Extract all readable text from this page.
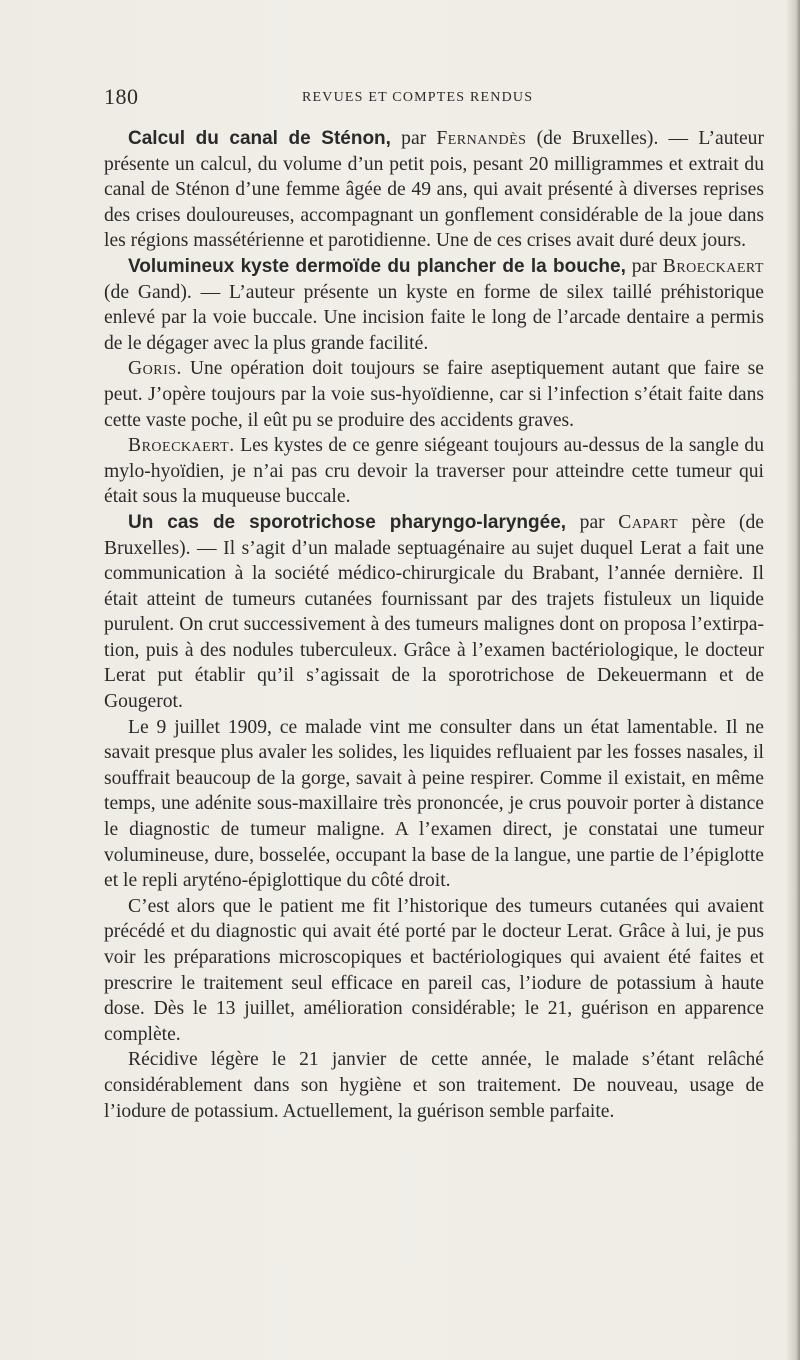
180	REVUES ET COMPTES RENDUS

Calcul du canal de Sténon, par Fernandès (de Bruxelles). — L’auteur présente un calcul, du volume d’un petit pois, pesant 20 milligrammes et extrait du canal de Sténon d’une femme âgée de 49 ans, qui avait présenté à diverses reprises des crises douloureuses, accompagnant un gonflement considérable de la joue dans les régions massétérienne et parotidienne. Une de ces crises avait duré deux jours.

Volumineux kyste dermoïde du plancher de la bouche, par Broeckaert (de Gand). — L’auteur présente un kyste en forme de silex taillé préhistorique enlevé par la voie buccale. Une incision faite le long de l’arcade dentaire a permis de le dégager avec la plus grande facilité.

Goris. Une opération doit toujours se faire aseptiquement autant que faire se peut. J’opère toujours par la voie sus-hyoïdienne, car si l’infection s’était faite dans cette vaste poche, il eût pu se produire des accidents graves.

Broeckaert. Les kystes de ce genre siégeant toujours au-dessus de la sangle du mylo-hyoïdien, je n’ai pas cru devoir la traverser pour atteindre cette tumeur qui était sous la muqueuse buccale.

Un cas de sporotrichose pharyngo-laryngée, par Capart père (de Bruxelles). — Il s’agit d’un malade septuagénaire au sujet duquel Lerat a fait une communication à la société médico-chirurgicale du Brabant, l’année dernière. Il était atteint de tumeurs cutanées fournissant par des trajets fistuleux un liquide purulent. On crut successivement à des tumeurs malignes dont on proposa l’extirpation, puis à des nodules tuberculeux. Grâce à l’examen bactériologique, le docteur Lerat put établir qu’il s’agissait de la sporotrichose de Dekeuermann et de Gougerot.

Le 9 juillet 1909, ce malade vint me consulter dans un état lamentable. Il ne savait presque plus avaler les solides, les liquides refluaient par les fosses nasales, il souffrait beaucoup de la gorge, savait à peine respirer. Comme il existait, en même temps, une adénite sous-maxillaire très prononcée, je crus pouvoir porter à distance le diagnostic de tumeur maligne. A l’examen direct, je constatai une tumeur volumineuse, dure, bosselée, occupant la base de la langue, une partie de l’épiglotte et le repli aryténo-épiglottique du côté droit.

C’est alors que le patient me fit l’historique des tumeurs cutanées qui avaient précédé et du diagnostic qui avait été porté par le docteur Lerat. Grâce à lui, je pus voir les préparations microscopiques et bactériologiques qui avaient été faites et prescrire le traitement seul efficace en pareil cas, l’iodure de potassium à haute dose. Dès le 13 juillet, amélioration considérable; le 21, guérison en apparence complète.

Récidive légère le 21 janvier de cette année, le malade s’étant relâché considérablement dans son hygiène et son traitement. De nouveau, usage de l’iodure de potassium. Actuellement, la guérison semble parfaite.
